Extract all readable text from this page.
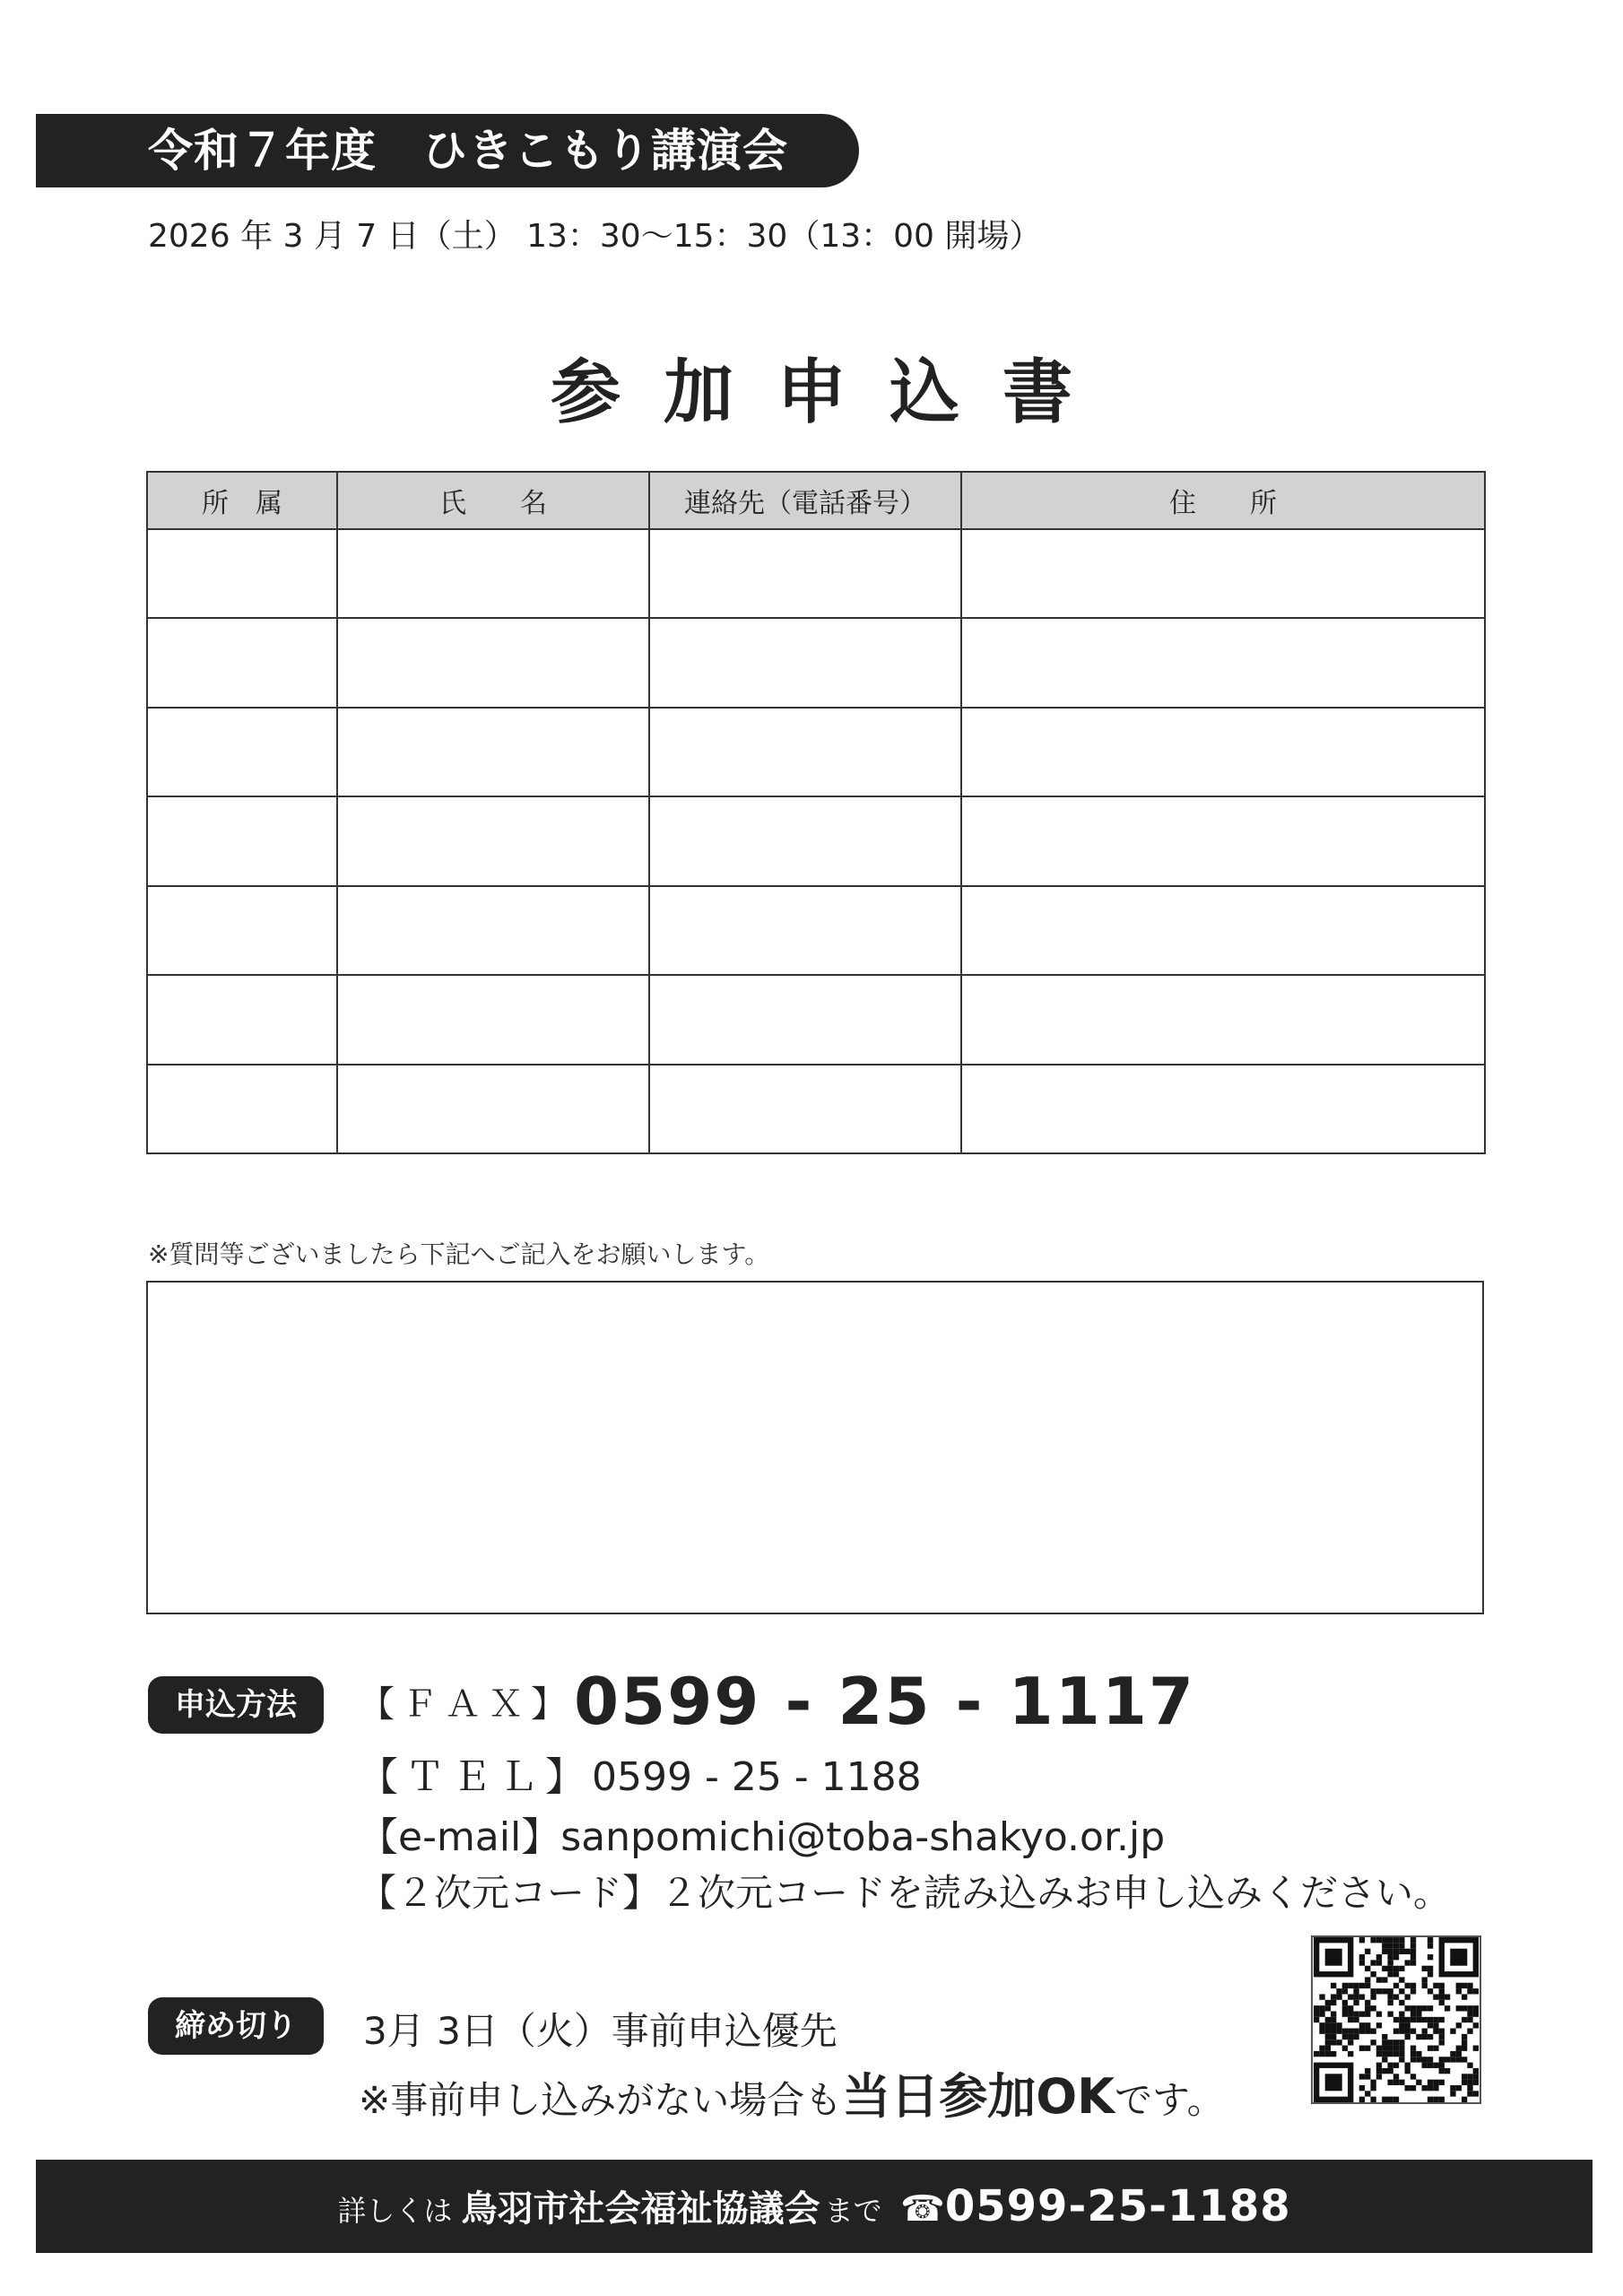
令和７年度　ひきこもり講演会
2026 年 3 月 7 日（土） 13：30〜15：30（13：00 開場）
参加申込書
所　属	氏　　名	連絡先（電話番号）	住　　所

※質問等ございましたら下記へご記入をお願いします。
申込方法	【ＦＡＸ】0599 - 25 - 1117
【ＴＥＬ】0599 - 25 - 1188
【e-mail】sanpomichi@toba-shakyo.or.jp
【２次元コード】２次元コードを読み込みお申し込みください。
締め切り	3月 3日（火）事前申込優先
※事前申し込みがない場合も当日参加OKです。
詳しくは 鳥羽市社会福祉協議会 まで ☎0599-25-1188
